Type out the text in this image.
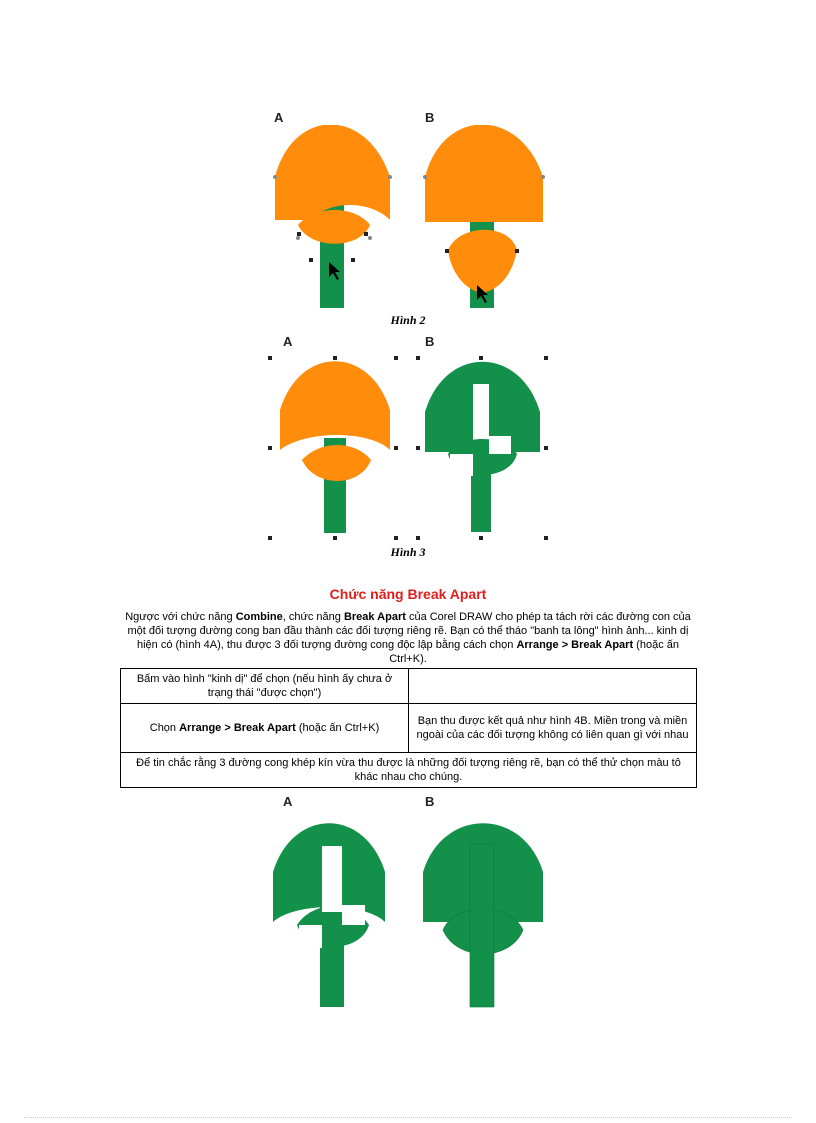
A	B
Hình 2
A	B
Hình 3
Chức năng Break Apart
Ngược với chức năng Combine, chức năng Break Apart của Corel DRAW cho phép ta tách rời các đường con của một đối tượng đường cong ban đầu thành các đối tượng riêng rẽ. Bạn có thể tháo "banh ta lông" hình ảnh... kinh dị hiện có (hình 4A), thu được 3 đối tượng đường cong độc lập bằng cách chọn Arrange > Break Apart (hoặc ấn Ctrl+K).
Bấm vào hình "kinh dị" để chọn (nếu hình ấy chưa ở trạng thái "được chọn")	
Chọn Arrange > Break Apart (hoặc ấn Ctrl+K)	Bạn thu được kết quả như hình 4B. Miền trong và miền ngoài của các đối tượng không có liên quan gì với nhau
Để tin chắc rằng 3 đường cong khép kín vừa thu được là những đối tượng riêng rẽ, bạn có thể thử chọn màu tô khác nhau cho chúng.	
A	B
